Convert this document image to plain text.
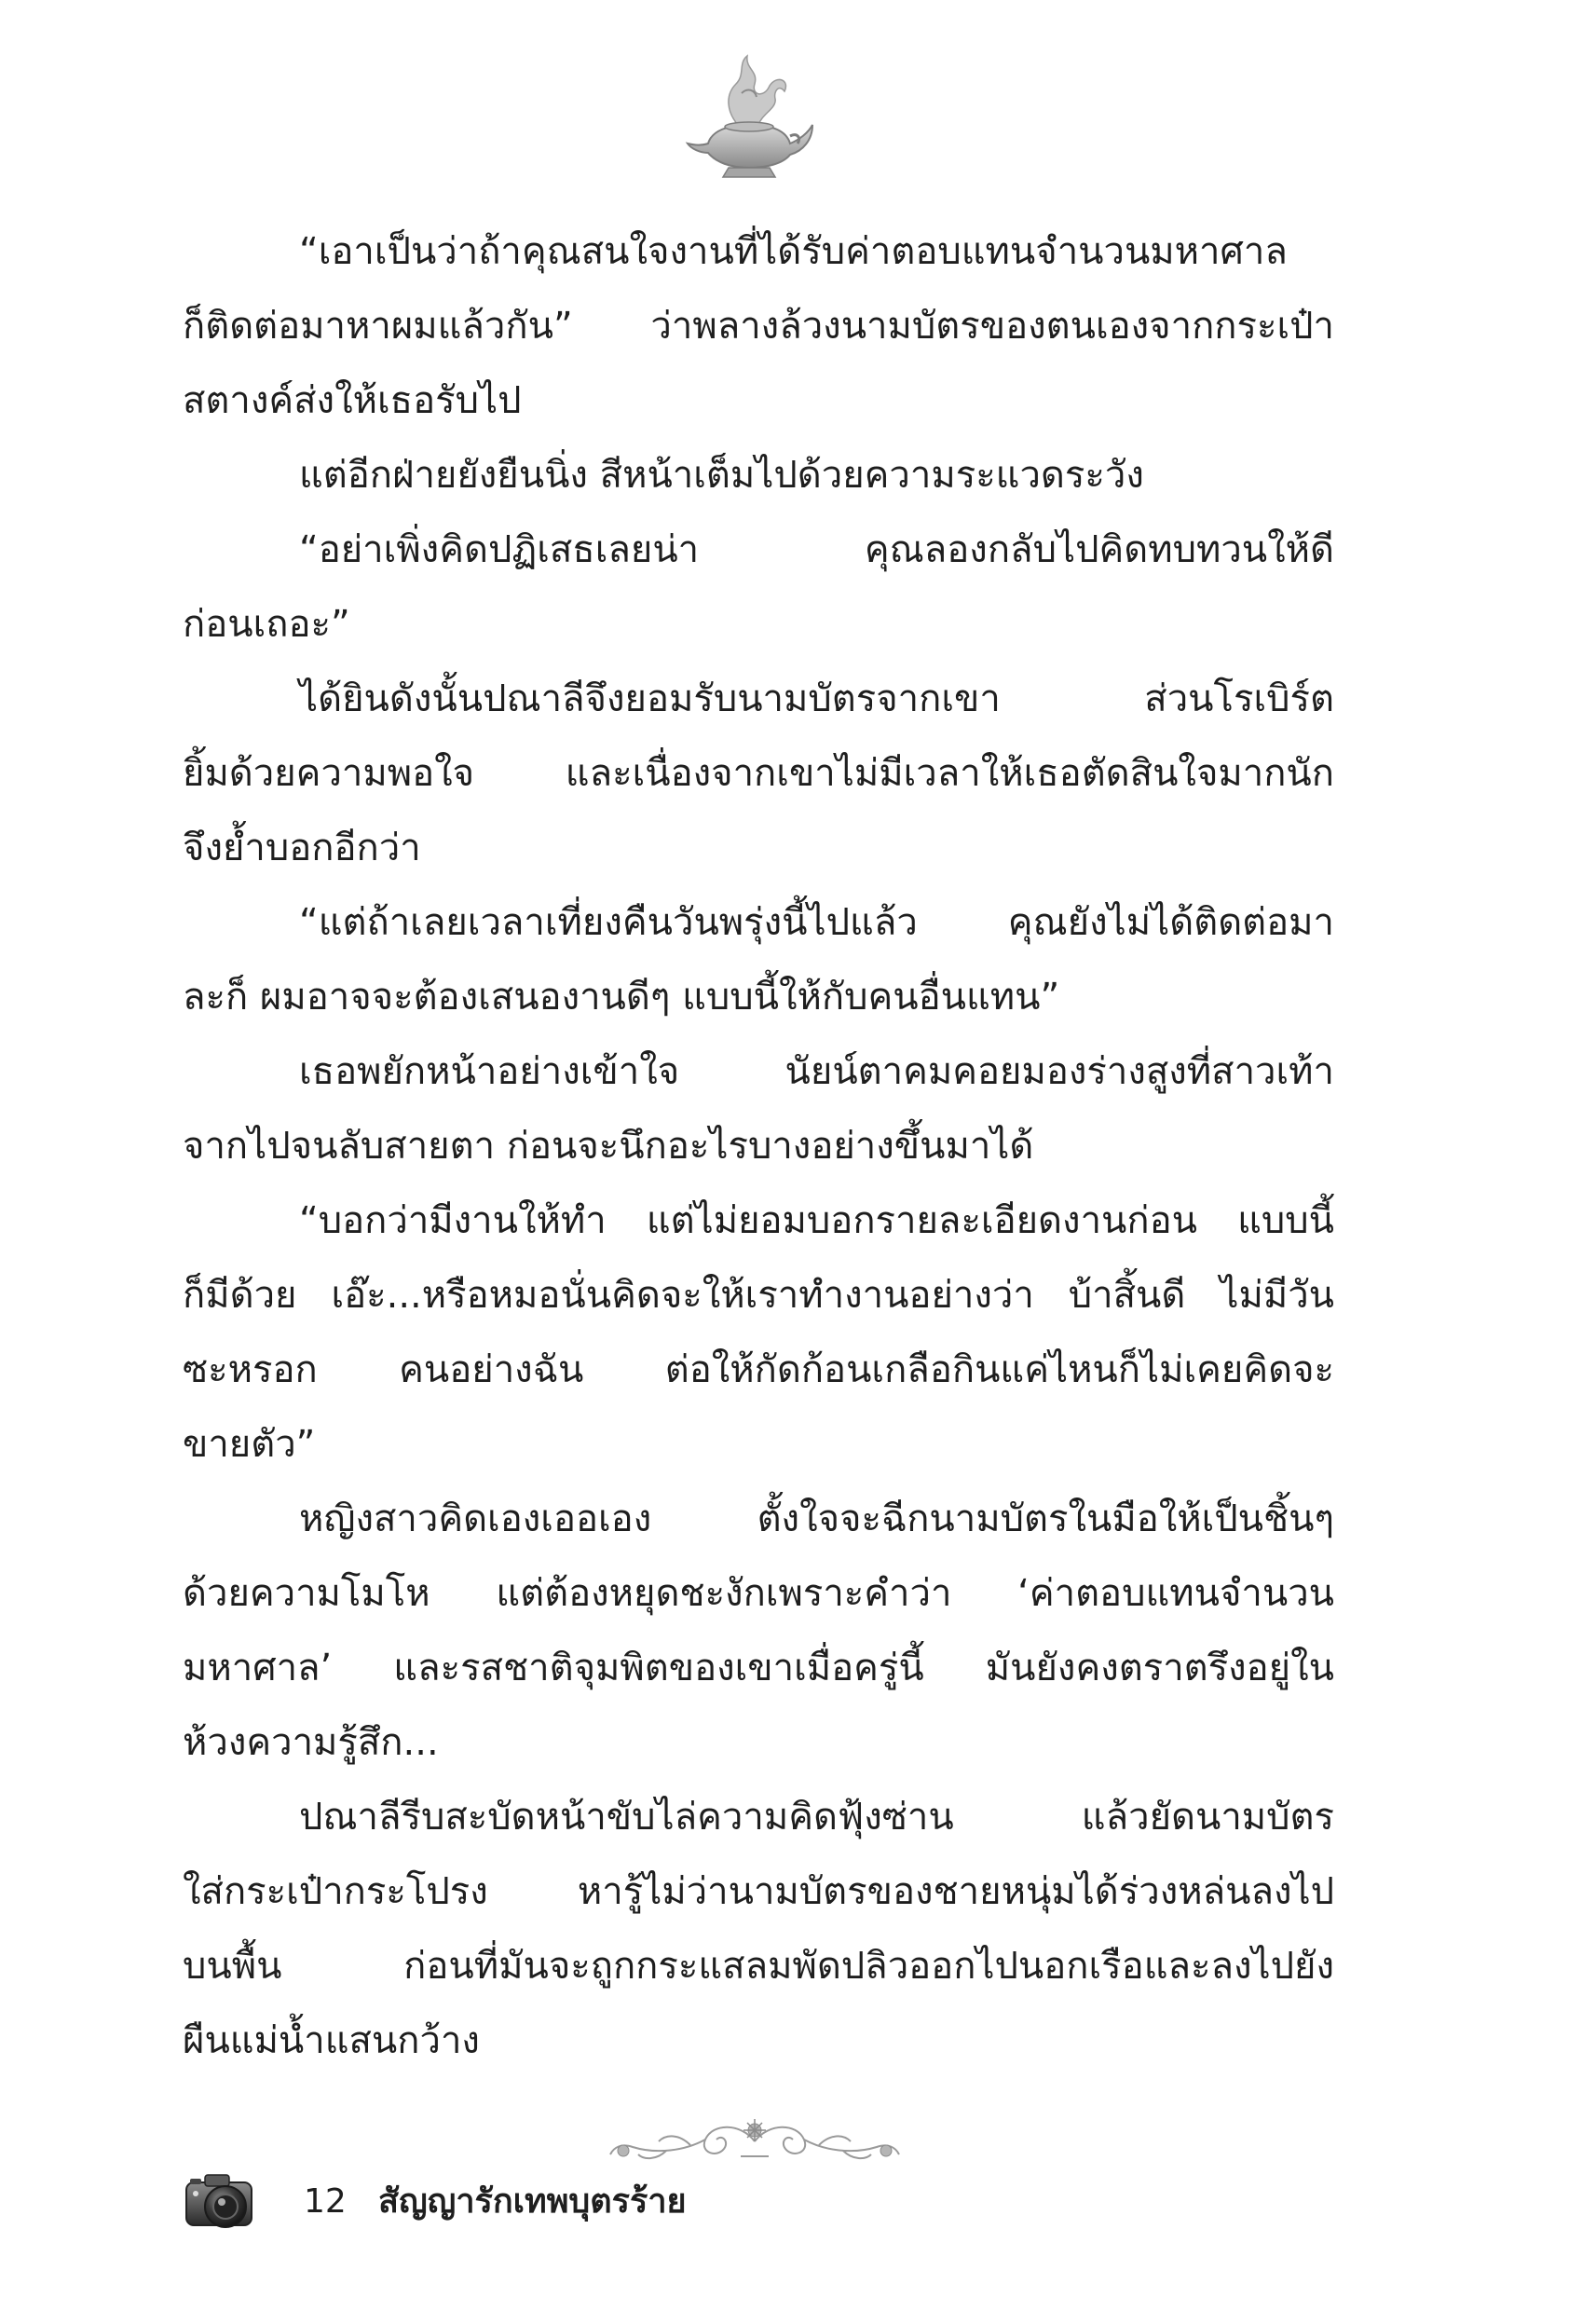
“เอาเป็นว่าถ้าคุณสนใจงานที่ได้รับค่าตอบแทนจำนวนมหาศาล
ก็ติดต่อมาหาผมแล้วกัน” ว่าพลางล้วงนามบัตรของตนเองจากกระเป๋า
สตางค์ส่งให้เธอรับไป
แต่อีกฝ่ายยังยืนนิ่ง สีหน้าเต็มไปด้วยความระแวดระวัง
“อย่าเพิ่งคิดปฏิเสธเลยน่า คุณลองกลับไปคิดทบทวนให้ดี
ก่อนเถอะ”
ได้ยินดังนั้นปณาลีจึงยอมรับนามบัตรจากเขา ส่วนโรเบิร์ต
ยิ้มด้วยความพอใจ และเนื่องจากเขาไม่มีเวลาให้เธอตัดสินใจมากนัก
จึงย้ำบอกอีกว่า
“แต่ถ้าเลยเวลาเที่ยงคืนวันพรุ่งนี้ไปแล้ว คุณยังไม่ได้ติดต่อมา
ละก็ ผมอาจจะต้องเสนองานดีๆ แบบนี้ให้กับคนอื่นแทน”
เธอพยักหน้าอย่างเข้าใจ นัยน์ตาคมคอยมองร่างสูงที่สาวเท้า
จากไปจนลับสายตา ก่อนจะนึกอะไรบางอย่างขึ้นมาได้
“บอกว่ามีงานให้ทำ แต่ไม่ยอมบอกรายละเอียดงานก่อน แบบนี้
ก็มีด้วย เอ๊ะ...หรือหมอนั่นคิดจะให้เราทำงานอย่างว่า บ้าสิ้นดี ไม่มีวัน
ซะหรอก คนอย่างฉัน ต่อให้กัดก้อนเกลือกินแค่ไหนก็ไม่เคยคิดจะ
ขายตัว”
หญิงสาวคิดเองเออเอง ตั้งใจจะฉีกนามบัตรในมือให้เป็นชิ้นๆ
ด้วยความโมโห แต่ต้องหยุดชะงักเพราะคำว่า ‘ค่าตอบแทนจำนวน
มหาศาล’ และรสชาติจุมพิตของเขาเมื่อครู่นี้ มันยังคงตราตรึงอยู่ใน
ห้วงความรู้สึก...
ปณาลีรีบสะบัดหน้าขับไล่ความคิดฟุ้งซ่าน แล้วยัดนามบัตร
ใส่กระเป๋ากระโปรง หารู้ไม่ว่านามบัตรของชายหนุ่มได้ร่วงหล่นลงไป
บนพื้น ก่อนที่มันจะถูกกระแสลมพัดปลิวออกไปนอกเรือและลงไปยัง
ผืนแม่น้ำแสนกว้าง
12 สัญญารักเทพบุตรร้าย
